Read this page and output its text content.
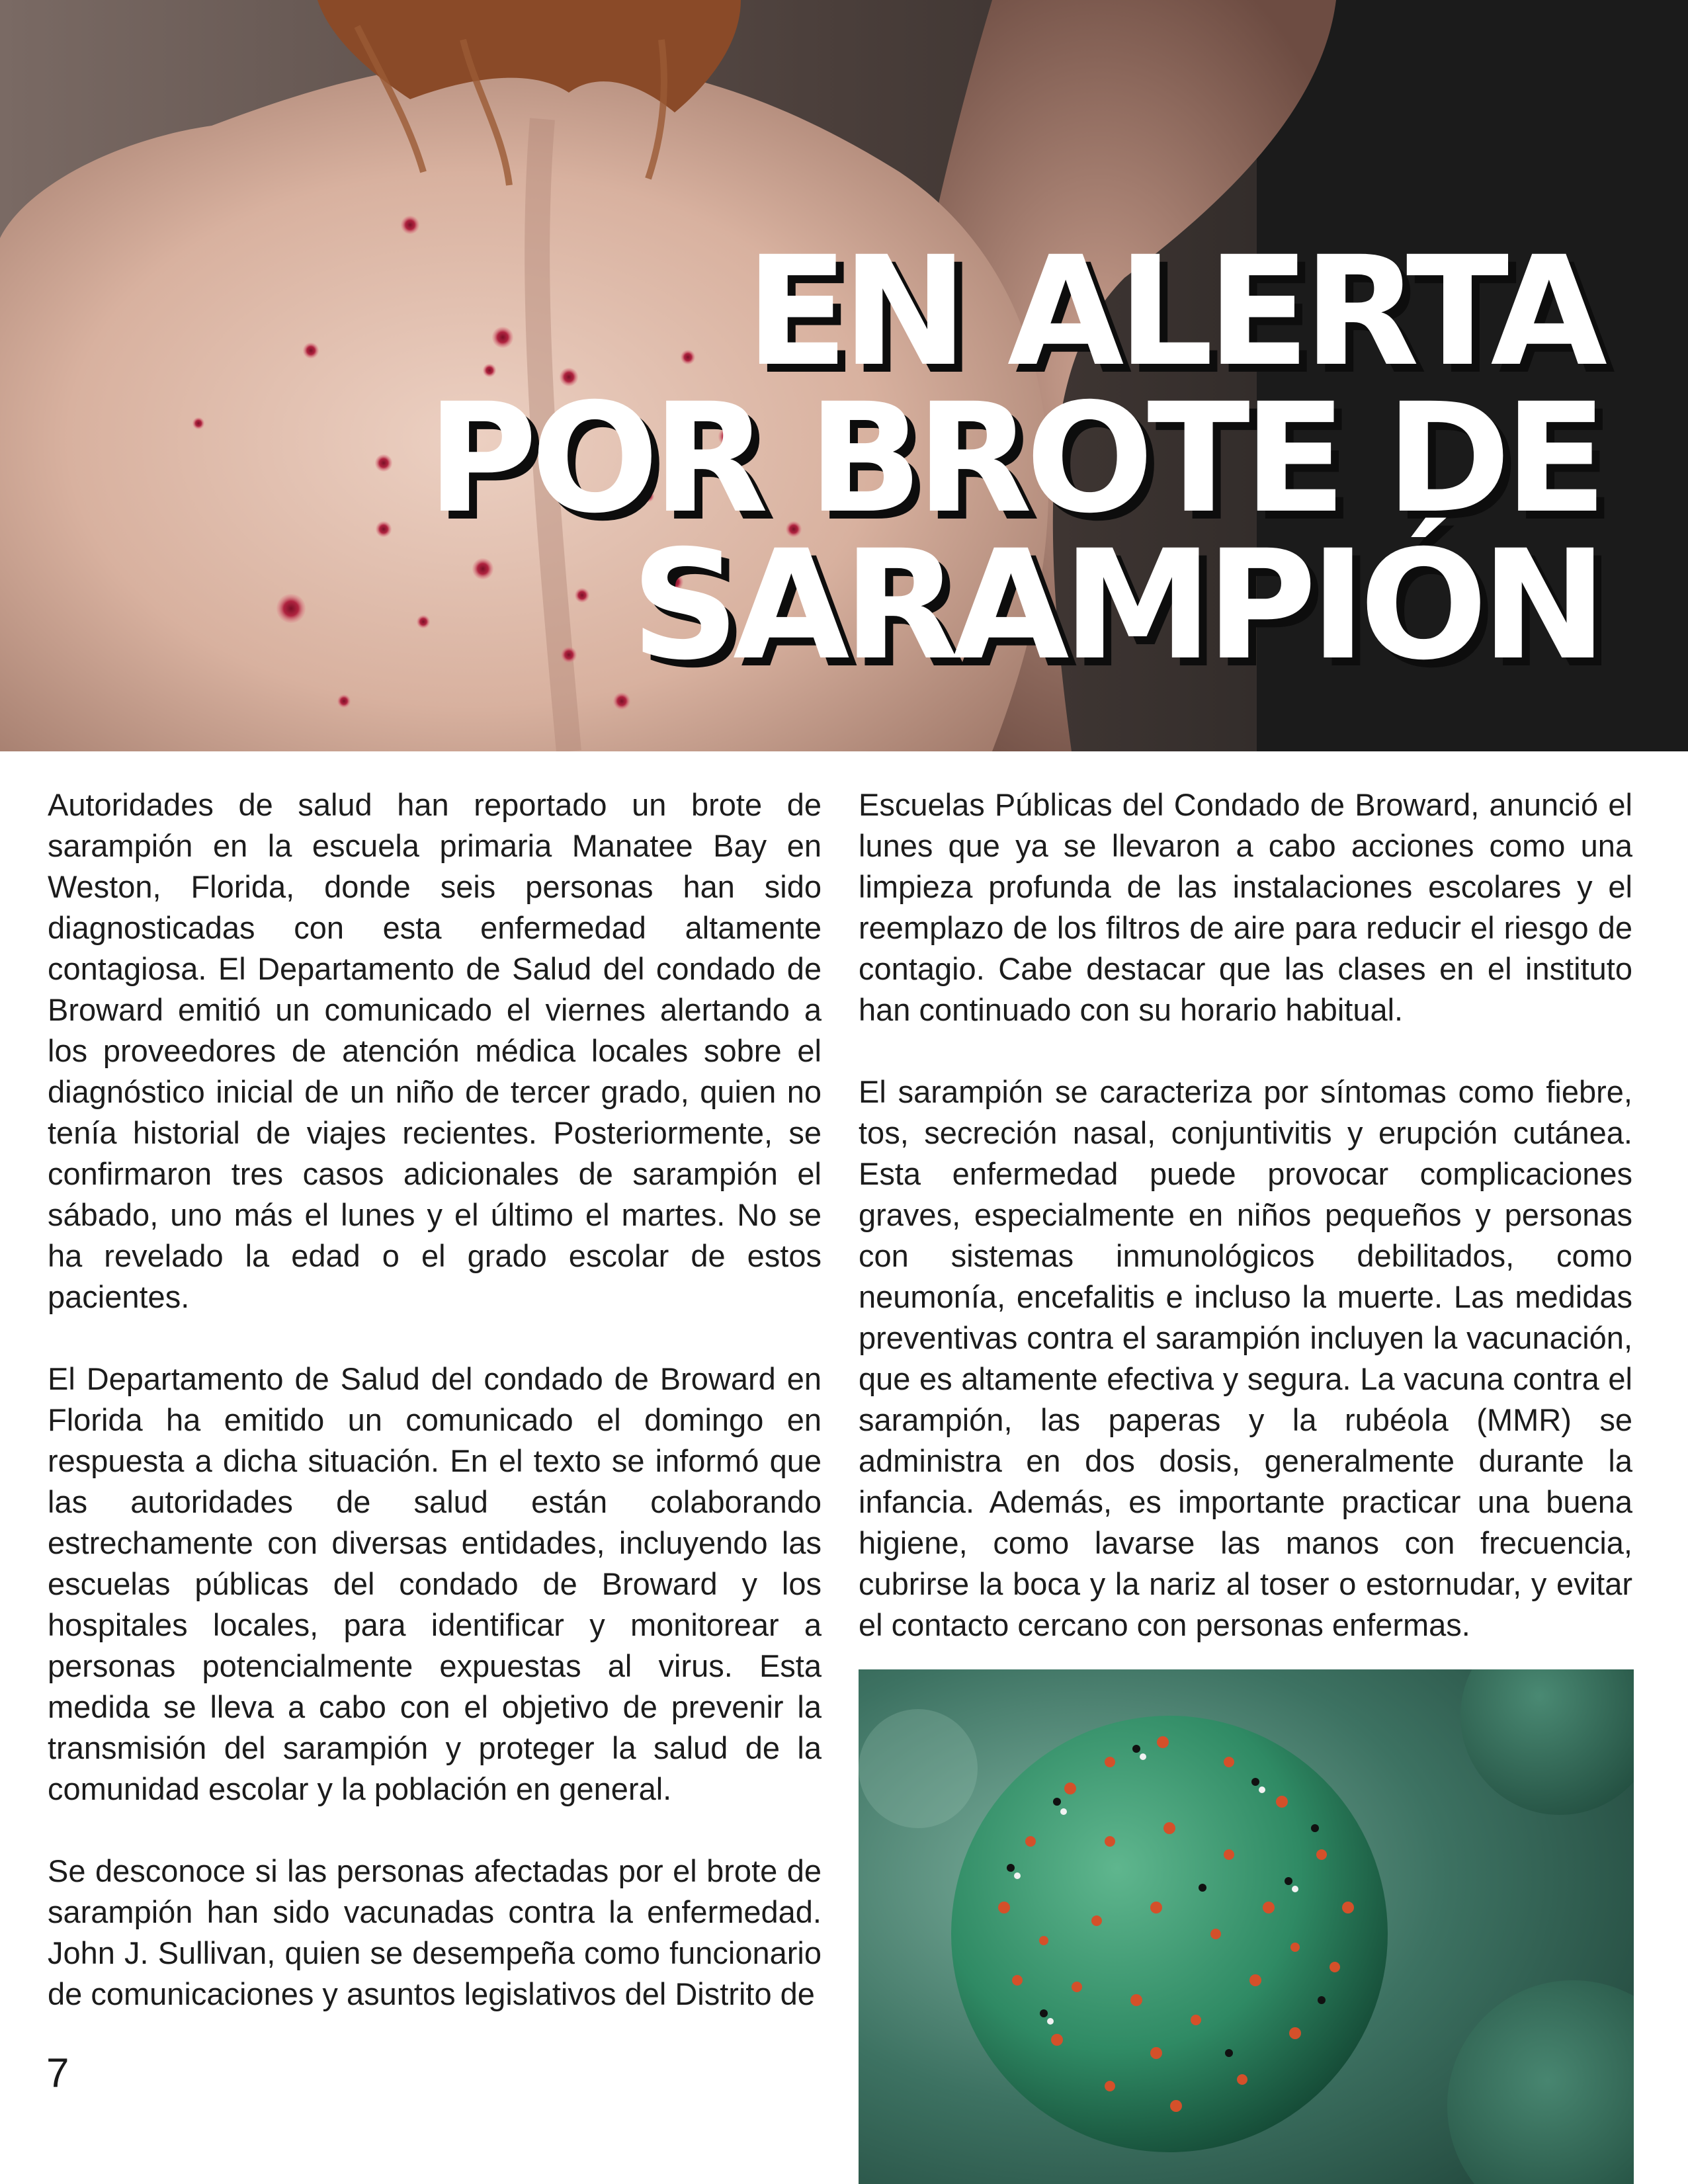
EN ALERTA
POR BROTE DE
SARAMPIÓN

Autoridades de salud han reportado un brote de sarampión en la escuela primaria Manatee Bay en Weston, Florida, donde seis personas han sido diagnosticadas con esta enfermedad altamente contagiosa. El Departamento de Salud del condado de Broward emitió un comunicado el viernes alertando a los proveedores de atención médica locales sobre el diagnóstico inicial de un niño de tercer grado, quien no tenía historial de viajes recientes. Posteriormente, se confirmaron tres casos adicionales de sarampión el sábado, uno más el lunes y el último el martes. No se ha revelado la edad o el grado escolar de estos pacientes.

El Departamento de Salud del condado de Broward en Florida ha emitido un comunicado el domingo en respuesta a dicha situación. En el texto se informó que las autoridades de salud están colaborando estrechamente con diversas entidades, incluyendo las escuelas públicas del condado de Broward y los hospitales locales, para identificar y monitorear a personas potencialmente expuestas al virus. Esta medida se lleva a cabo con el objetivo de prevenir la transmisión del sarampión y proteger la salud de la comunidad escolar y la población en general.

Se desconoce si las personas afectadas por el brote de sarampión han sido vacunadas contra la enfermedad. John J. Sullivan, quien se desempeña como funcionario de comunicaciones y asuntos legislativos del Distrito de

Escuelas Públicas del Condado de Broward, anunció el lunes que ya se llevaron a cabo acciones como una limpieza profunda de las instalaciones escolares y el reemplazo de los filtros de aire para reducir el riesgo de contagio. Cabe destacar que las clases en el instituto han continuado con su horario habitual.

El sarampión se caracteriza por síntomas como fiebre, tos, secreción nasal, conjuntivitis y erupción cutánea. Esta enfermedad puede provocar complicaciones graves, especialmente en niños pequeños y personas con sistemas inmunológicos debilitados, como neumonía, encefalitis e incluso la muerte. Las medidas preventivas contra el sarampión incluyen la vacunación, que es altamente efectiva y segura. La vacuna contra el sarampión, las paperas y la rubéola (MMR) se administra en dos dosis, generalmente durante la infancia. Además, es importante practicar una buena higiene, como lavarse las manos con frecuencia, cubrirse la boca y la nariz al toser o estornudar, y evitar el contacto cercano con personas enfermas.

7
